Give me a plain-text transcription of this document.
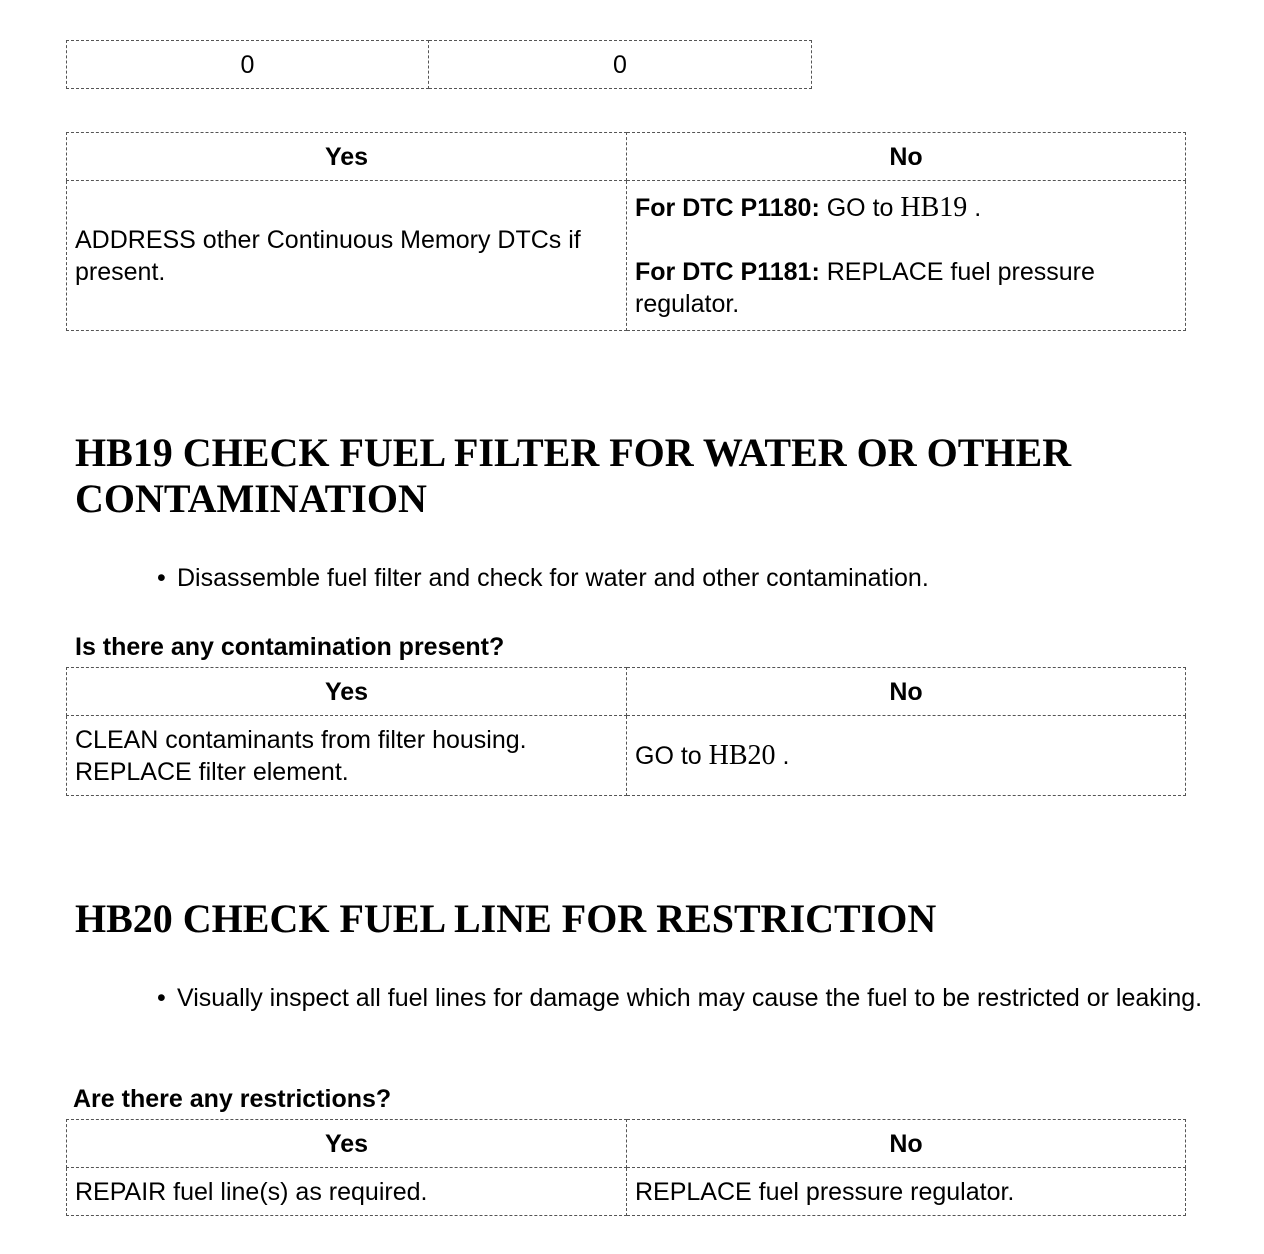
0	0
Yes	No
ADDRESS other Continuous Memory DTCs if present.	For DTC P1180: GO to HB19 .

For DTC P1181: REPLACE fuel pressure regulator.

HB19 CHECK FUEL FILTER FOR WATER OR OTHER CONTAMINATION
• Disassemble fuel filter and check for water and other contamination.

Is there any contamination present?

Yes	No
CLEAN contaminants from filter housing. REPLACE filter element.	GO to HB20 .
HB20 CHECK FUEL LINE FOR RESTRICTION
• Visually inspect all fuel lines for damage which may cause the fuel to be restricted or leaking.

Are there any restrictions?

Yes	No
REPAIR fuel line(s) as required.	REPLACE fuel pressure regulator.
